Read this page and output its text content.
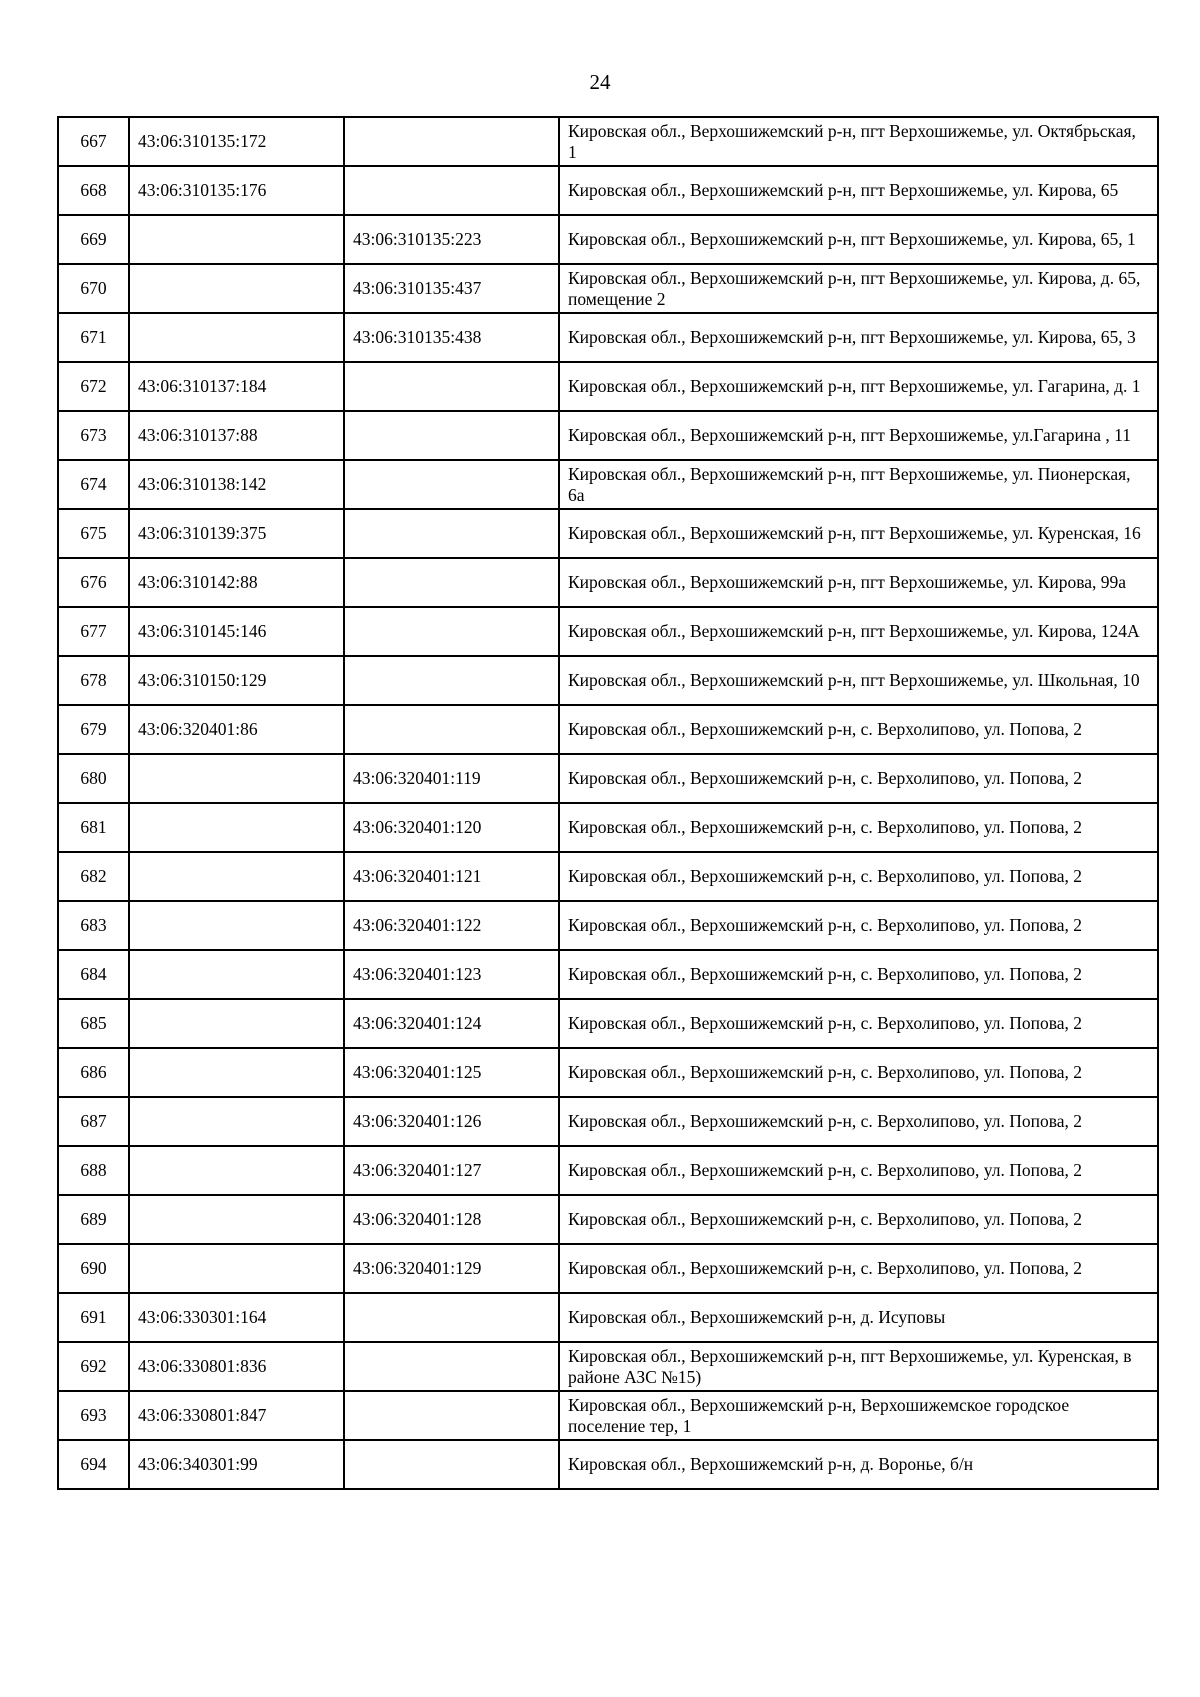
24
667	43:06:310135:172		Кировская обл., Верхошижемский р-н, пгт Верхошижемье, ул. Октябрьская, 1
668	43:06:310135:176		Кировская обл., Верхошижемский р-н, пгт Верхошижемье, ул. Кирова, 65
669		43:06:310135:223	Кировская обл., Верхошижемский р-н, пгт Верхошижемье, ул. Кирова, 65, 1
670		43:06:310135:437	Кировская обл., Верхошижемский р-н, пгт Верхошижемье, ул. Кирова, д. 65, помещение 2
671		43:06:310135:438	Кировская обл., Верхошижемский р-н, пгт Верхошижемье, ул. Кирова, 65, 3
672	43:06:310137:184		Кировская обл., Верхошижемский р-н, пгт Верхошижемье, ул. Гагарина, д. 1
673	43:06:310137:88		Кировская обл., Верхошижемский р-н, пгт Верхошижемье, ул.Гагарина , 11
674	43:06:310138:142		Кировская обл., Верхошижемский р-н, пгт Верхошижемье, ул. Пионерская, 6а
675	43:06:310139:375		Кировская обл., Верхошижемский р-н, пгт Верхошижемье, ул. Куренская, 16
676	43:06:310142:88		Кировская обл., Верхошижемский р-н, пгт Верхошижемье, ул. Кирова, 99а
677	43:06:310145:146		Кировская обл., Верхошижемский р-н, пгт Верхошижемье, ул. Кирова, 124А
678	43:06:310150:129		Кировская обл., Верхошижемский р-н, пгт Верхошижемье, ул. Школьная, 10
679	43:06:320401:86		Кировская обл., Верхошижемский р-н, с. Верхолипово, ул. Попова, 2
680		43:06:320401:119	Кировская обл., Верхошижемский р-н, с. Верхолипово, ул. Попова, 2
681		43:06:320401:120	Кировская обл., Верхошижемский р-н, с. Верхолипово, ул. Попова, 2
682		43:06:320401:121	Кировская обл., Верхошижемский р-н, с. Верхолипово, ул. Попова, 2
683		43:06:320401:122	Кировская обл., Верхошижемский р-н, с. Верхолипово, ул. Попова, 2
684		43:06:320401:123	Кировская обл., Верхошижемский р-н, с. Верхолипово, ул. Попова, 2
685		43:06:320401:124	Кировская обл., Верхошижемский р-н, с. Верхолипово, ул. Попова, 2
686		43:06:320401:125	Кировская обл., Верхошижемский р-н, с. Верхолипово, ул. Попова, 2
687		43:06:320401:126	Кировская обл., Верхошижемский р-н, с. Верхолипово, ул. Попова, 2
688		43:06:320401:127	Кировская обл., Верхошижемский р-н, с. Верхолипово, ул. Попова, 2
689		43:06:320401:128	Кировская обл., Верхошижемский р-н, с. Верхолипово, ул. Попова, 2
690		43:06:320401:129	Кировская обл., Верхошижемский р-н, с. Верхолипово, ул. Попова, 2
691	43:06:330301:164		Кировская обл., Верхошижемский р-н, д. Исуповы
692	43:06:330801:836		Кировская обл., Верхошижемский р-н, пгт Верхошижемье, ул. Куренская, в районе АЗС №15)
693	43:06:330801:847		Кировская обл., Верхошижемский р-н, Верхошижемское городское поселение тер, 1
694	43:06:340301:99		Кировская обл., Верхошижемский р-н, д. Воронье, б/н
